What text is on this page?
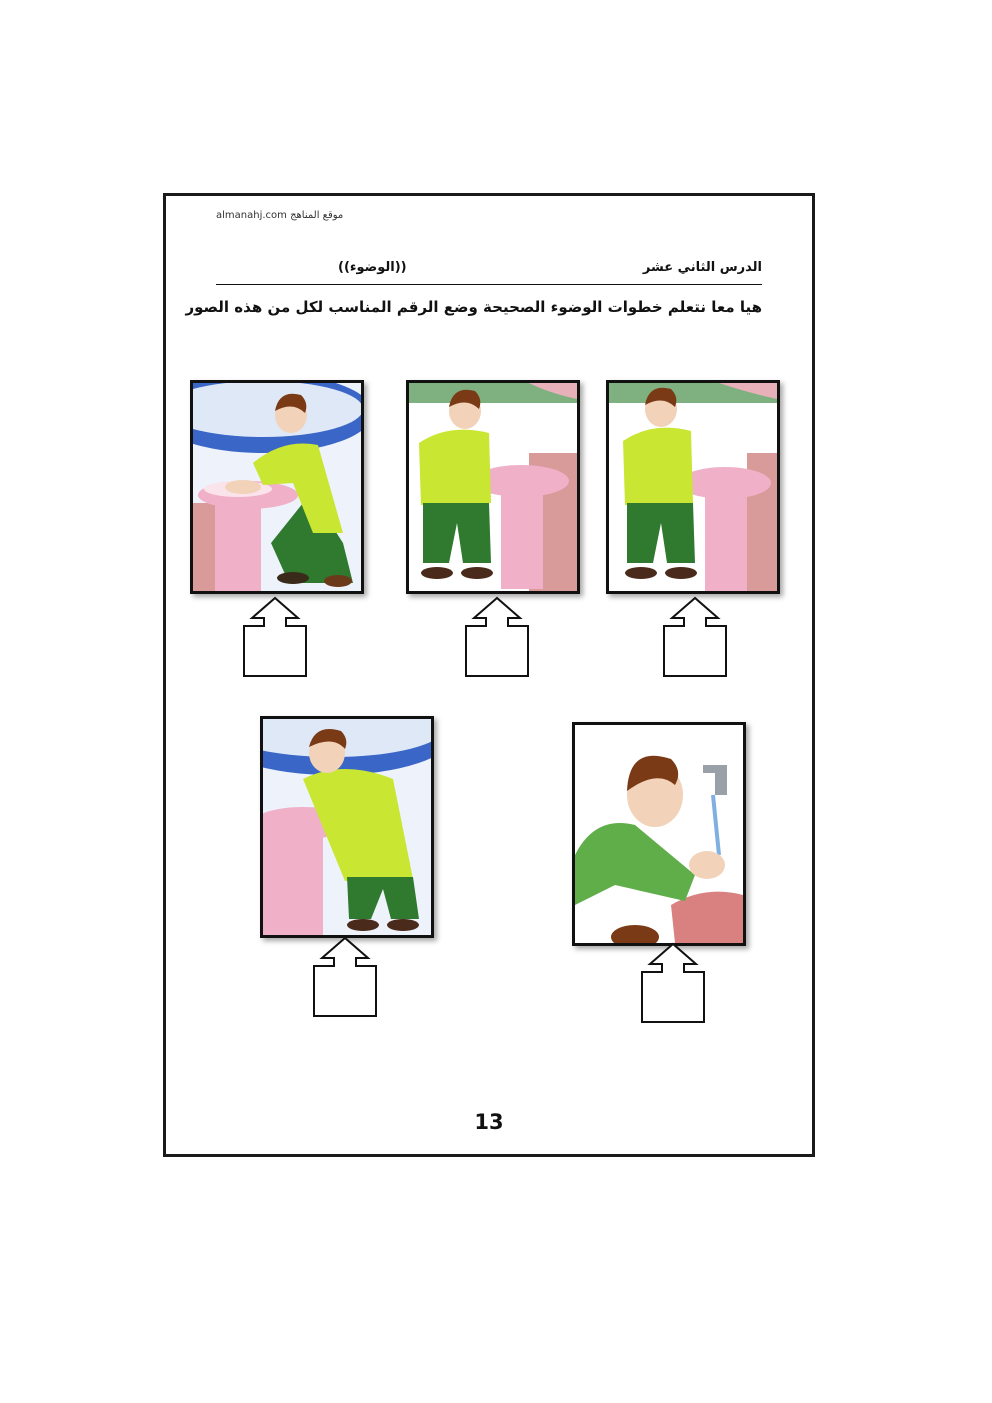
almanahj.com موقع المناهج
الدرس الثاني عشر
((الوضوء))
هيا معا نتعلم خطوات الوضوء الصحيحة وضع الرقم المناسب لكل من هذه الصور
13
